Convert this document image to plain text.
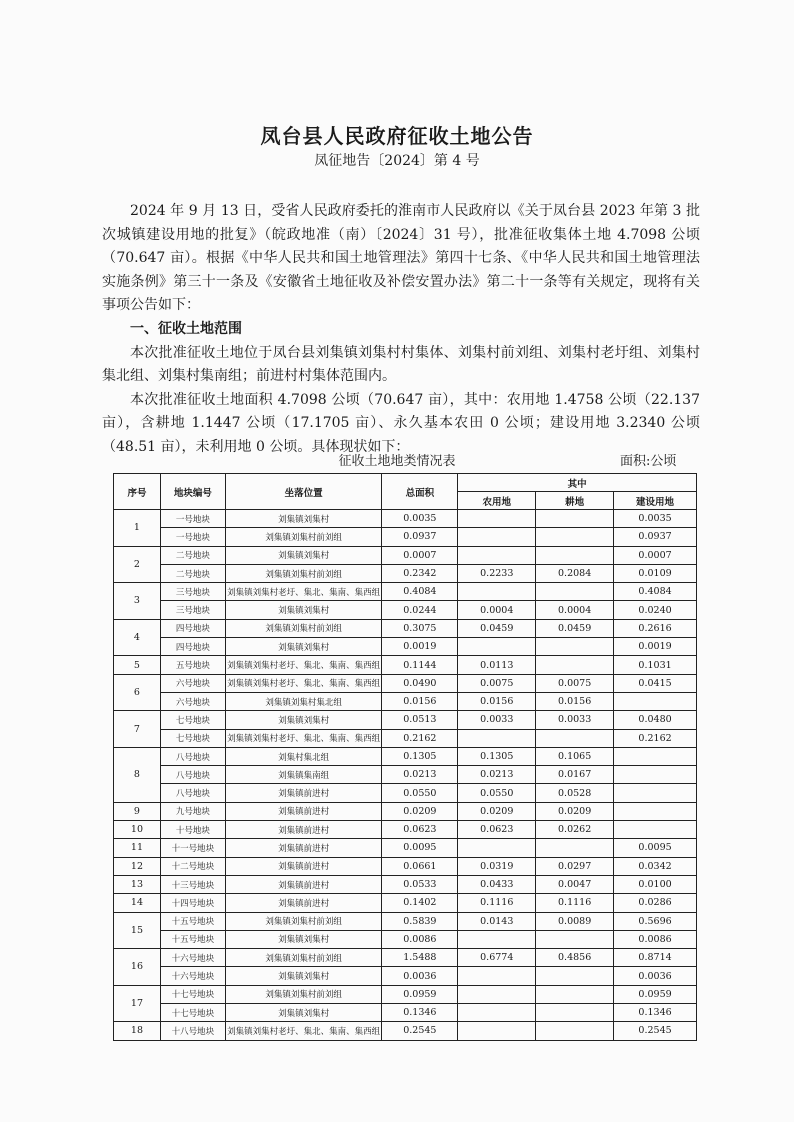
凤台县人民政府征收土地公告
凤征地告〔2024〕第 4 号

2024 年 9 月 13 日，受省人民政府委托的淮南市人民政府以《关于凤台县 2023 年第 3 批次城镇建设用地的批复》（皖政地准（南）〔2024〕31 号），批准征收集体土地 4.7098 公顷（70.647 亩）。根据《中华人民共和国土地管理法》第四十七条、《中华人民共和国土地管理法实施条例》第三十一条及《安徽省土地征收及补偿安置办法》第二十一条等有关规定，现将有关事项公告如下：

一、征收土地范围

本次批准征收土地位于凤台县刘集镇刘集村村集体、刘集村前刘组、刘集村老圩组、刘集村集北组、刘集村集南组；前进村村集体范围内。

本次批准征收土地面积 4.7098 公顷（70.647 亩），其中：农用地 1.4758 公顷（22.137 亩），含耕地 1.1447 公顷（17.1705 亩）、永久基本农田 0 公顷；建设用地 3.2340 公顷（48.51 亩），未利用地 0 公顷。具体现状如下：

征收土地地类情况表	面积:公顷
序号	地块编号	坐落位置	总面积	其中		
				农用地	耕地	建设用地
1	一号地块	刘集镇刘集村	0.0035			0.0035
	一号地块	刘集镇刘集村前刘组	0.0937			0.0937
2	二号地块	刘集镇刘集村	0.0007			0.0007
	二号地块	刘集镇刘集村前刘组	0.2342	0.2233	0.2084	0.0109
3	三号地块	刘集镇刘集村老圩、集北、集南、集西组	0.4084			0.4084
	三号地块	刘集镇刘集村	0.0244	0.0004	0.0004	0.0240
4	四号地块	刘集镇刘集村前刘组	0.3075	0.0459	0.0459	0.2616
	四号地块	刘集镇刘集村	0.0019			0.0019
5	五号地块	刘集镇刘集村老圩、集北、集南、集西组	0.1144	0.0113		0.1031
6	六号地块	刘集镇刘集村老圩、集北、集南、集西组	0.0490	0.0075	0.0075	0.0415
	六号地块	刘集镇刘集村集北组	0.0156	0.0156	0.0156	
7	七号地块	刘集镇刘集村	0.0513	0.0033	0.0033	0.0480
	七号地块	刘集镇刘集村老圩、集北、集南、集西组	0.2162			0.2162
8	八号地块	刘集村集北组	0.1305	0.1305	0.1065	
	八号地块	刘集镇集南组	0.0213	0.0213	0.0167	
	八号地块	刘集镇前进村	0.0550	0.0550	0.0528	
9	九号地块	刘集镇前进村	0.0209	0.0209	0.0209	
10	十号地块	刘集镇前进村	0.0623	0.0623	0.0262	
11	十一号地块	刘集镇前进村	0.0095			0.0095
12	十二号地块	刘集镇前进村	0.0661	0.0319	0.0297	0.0342
13	十三号地块	刘集镇前进村	0.0533	0.0433	0.0047	0.0100
14	十四号地块	刘集镇前进村	0.1402	0.1116	0.1116	0.0286
15	十五号地块	刘集镇刘集村前刘组	0.5839	0.0143	0.0089	0.5696
	十五号地块	刘集镇刘集村	0.0086			0.0086
16	十六号地块	刘集镇刘集村前刘组	1.5488	0.6774	0.4856	0.8714
	十六号地块	刘集镇刘集村	0.0036			0.0036
17	十七号地块	刘集镇刘集村前刘组	0.0959			0.0959
	十七号地块	刘集镇刘集村	0.1346			0.1346
18	十八号地块	刘集镇刘集村老圩、集北、集南、集西组	0.2545			0.2545
